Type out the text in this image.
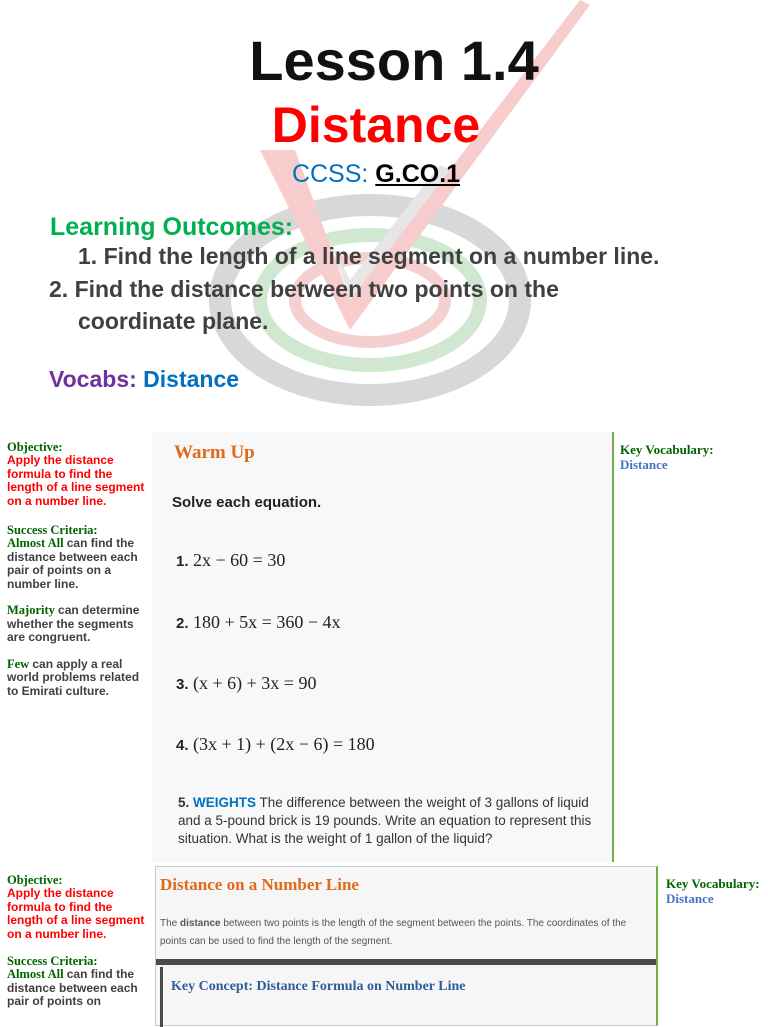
Lesson 1.4
Distance
CCSS: G.CO.1
Learning Outcomes:
1. Find the length of a line segment on a number line.
2. Find the distance between two points on the
coordinate plane.
Vocabs: Distance
Objective:
Apply the distance formula to find the length of a line segment on a number line.
Success Criteria:
Almost All can find the distance between each pair of points on a number line.
Majority can determine whether the segments are congruent.
Few can apply a real world problems related to Emirati culture.
Warm Up
Solve each equation.
1. 2x − 60 = 30
2. 180 + 5x = 360 − 4x
3. (x + 6) + 3x = 90
4. (3x + 1) + (2x − 6) = 180
5. WEIGHTS The difference between the weight of 3 gallons of liquid and a 5-pound brick is 19 pounds. Write an equation to represent this situation. What is the weight of 1 gallon of the liquid?
Key Vocabulary:
Distance
Objective:
Apply the distance formula to find the length of a line segment on a number line.
Success Criteria:
Almost All can find the distance between each pair of points on
Distance on a Number Line
The distance between two points is the length of the segment between the points. The coordinates of the points can be used to find the length of the segment.
Key Concept: Distance Formula on Number Line
Key Vocabulary:
Distance
